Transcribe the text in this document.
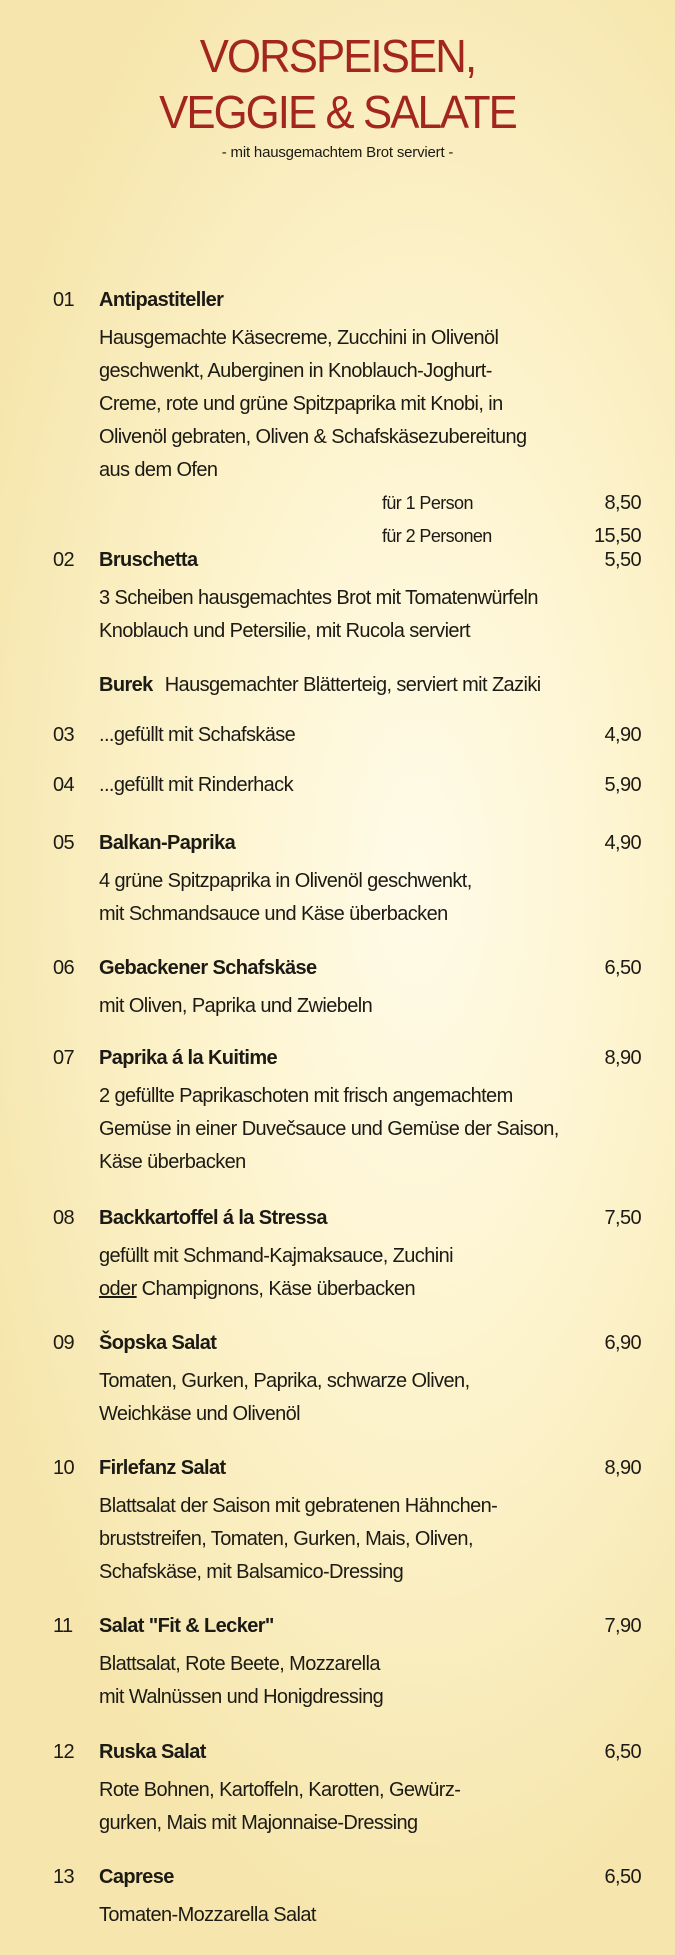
VORSPEISEN,
VEGGIE & SALATE
- mit hausgemachtem Brot serviert -
01 Antipastiteller
Hausgemachte Käsecreme, Zucchini in Olivenöl
geschwenkt, Auberginen in Knoblauch-Joghurt-
Creme, rote und grüne Spitzpaprika mit Knobi, in
Olivenöl gebraten, Oliven & Schafskäsezubereitung
aus dem Ofen
für 1 Person	8,50
für 2 Personen	15,50
02 Bruschetta	5,50
3 Scheiben hausgemachtes Brot mit Tomatenwürfeln
Knoblauch und Petersilie, mit Rucola serviert
Burek Hausgemachter Blätterteig, serviert mit Zaziki
03 ...gefüllt mit Schafskäse	4,90
04 ...gefüllt mit Rinderhack	5,90
05 Balkan-Paprika	4,90
4 grüne Spitzpaprika in Olivenöl geschwenkt,
mit Schmandsauce und Käse überbacken
06 Gebackener Schafskäse	6,50
mit Oliven, Paprika und Zwiebeln
07 Paprika á la Kuitime	8,90
2 gefüllte Paprikaschoten mit frisch angemachtem
Gemüse in einer Duvečsauce und Gemüse der Saison,
Käse überbacken
08 Backkartoffel á la Stressa	7,50
gefüllt mit Schmand-Kajmaksauce, Zuchini
oder Champignons, Käse überbacken
09 Šopska Salat	6,90
Tomaten, Gurken, Paprika, schwarze Oliven,
Weichkäse und Olivenöl
10 Firlefanz Salat	8,90
Blattsalat der Saison mit gebratenen Hähnchen-
bruststreifen, Tomaten, Gurken, Mais, Oliven,
Schafskäse, mit Balsamico-Dressing
11 Salat "Fit & Lecker"	7,90
Blattsalat, Rote Beete, Mozzarella
mit Walnüssen und Honigdressing
12 Ruska Salat	6,50
Rote Bohnen, Kartoffeln, Karotten, Gewürz-
gurken, Mais mit Majonnaise-Dressing
13 Caprese	6,50
Tomaten-Mozzarella Salat
